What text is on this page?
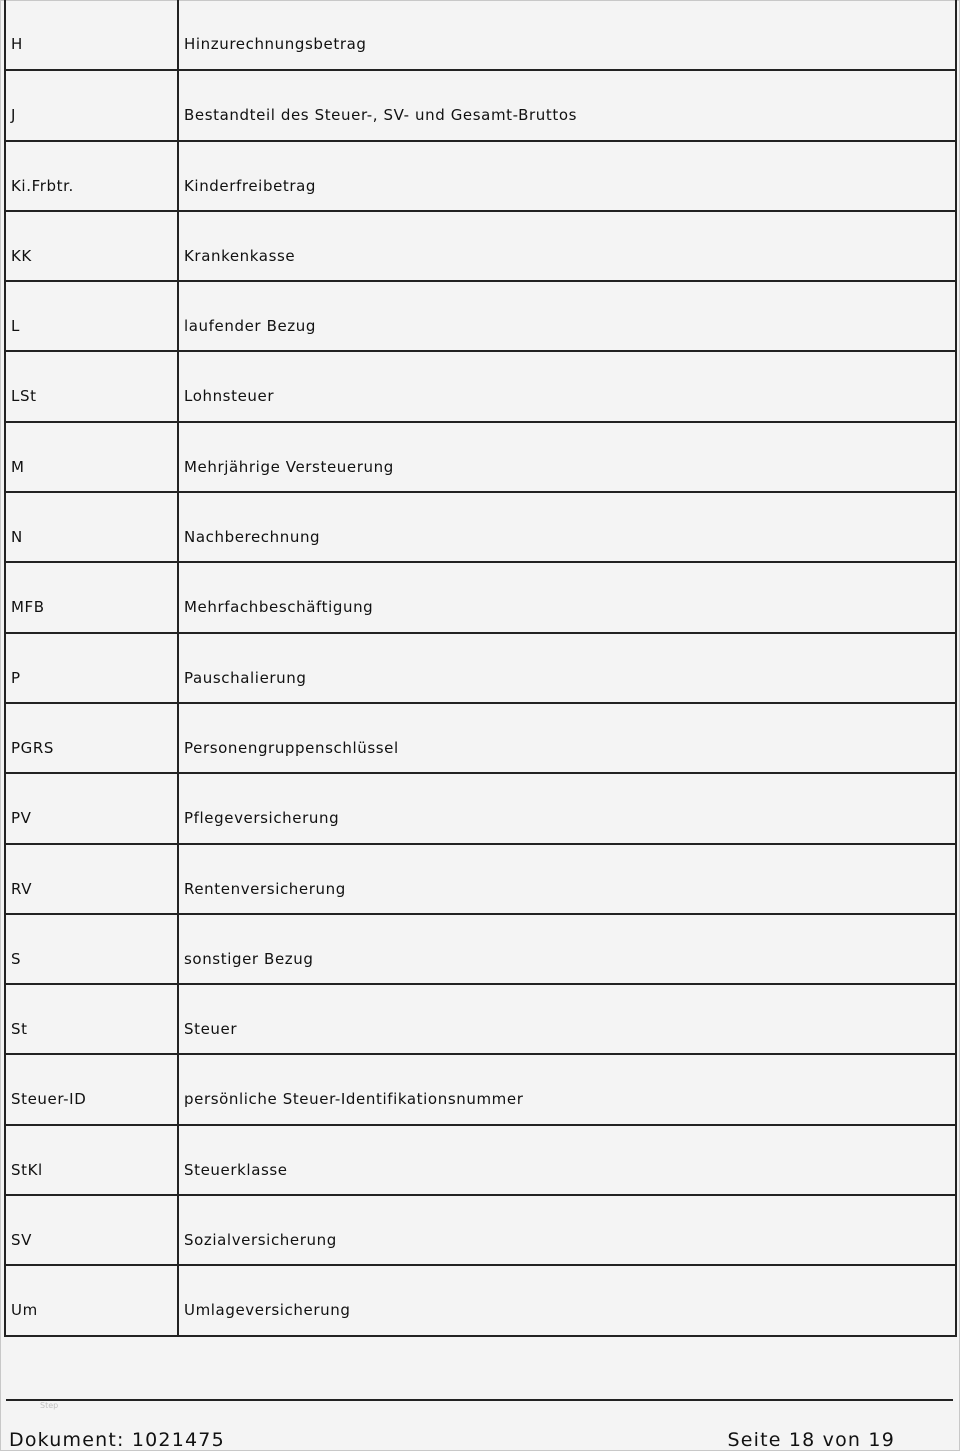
H	Hinzurechnungsbetrag
J	Bestandteil des Steuer-, SV- und Gesamt-Bruttos
Ki.Frbtr.	Kinderfreibetrag
KK	Krankenkasse
L	laufender Bezug
LSt	Lohnsteuer
M	Mehrjährige Versteuerung
N	Nachberechnung
MFB	Mehrfachbeschäftigung
P	Pauschalierung
PGRS	Personengruppenschlüssel
PV	Pflegeversicherung
RV	Rentenversicherung
S	sonstiger Bezug
St	Steuer
Steuer-ID	persönliche Steuer-Identifikationsnummer
StKl	Steuerklasse
SV	Sozialversicherung
Um	Umlageversicherung
Step
Dokument: 1021475	Seite 18 von 19
